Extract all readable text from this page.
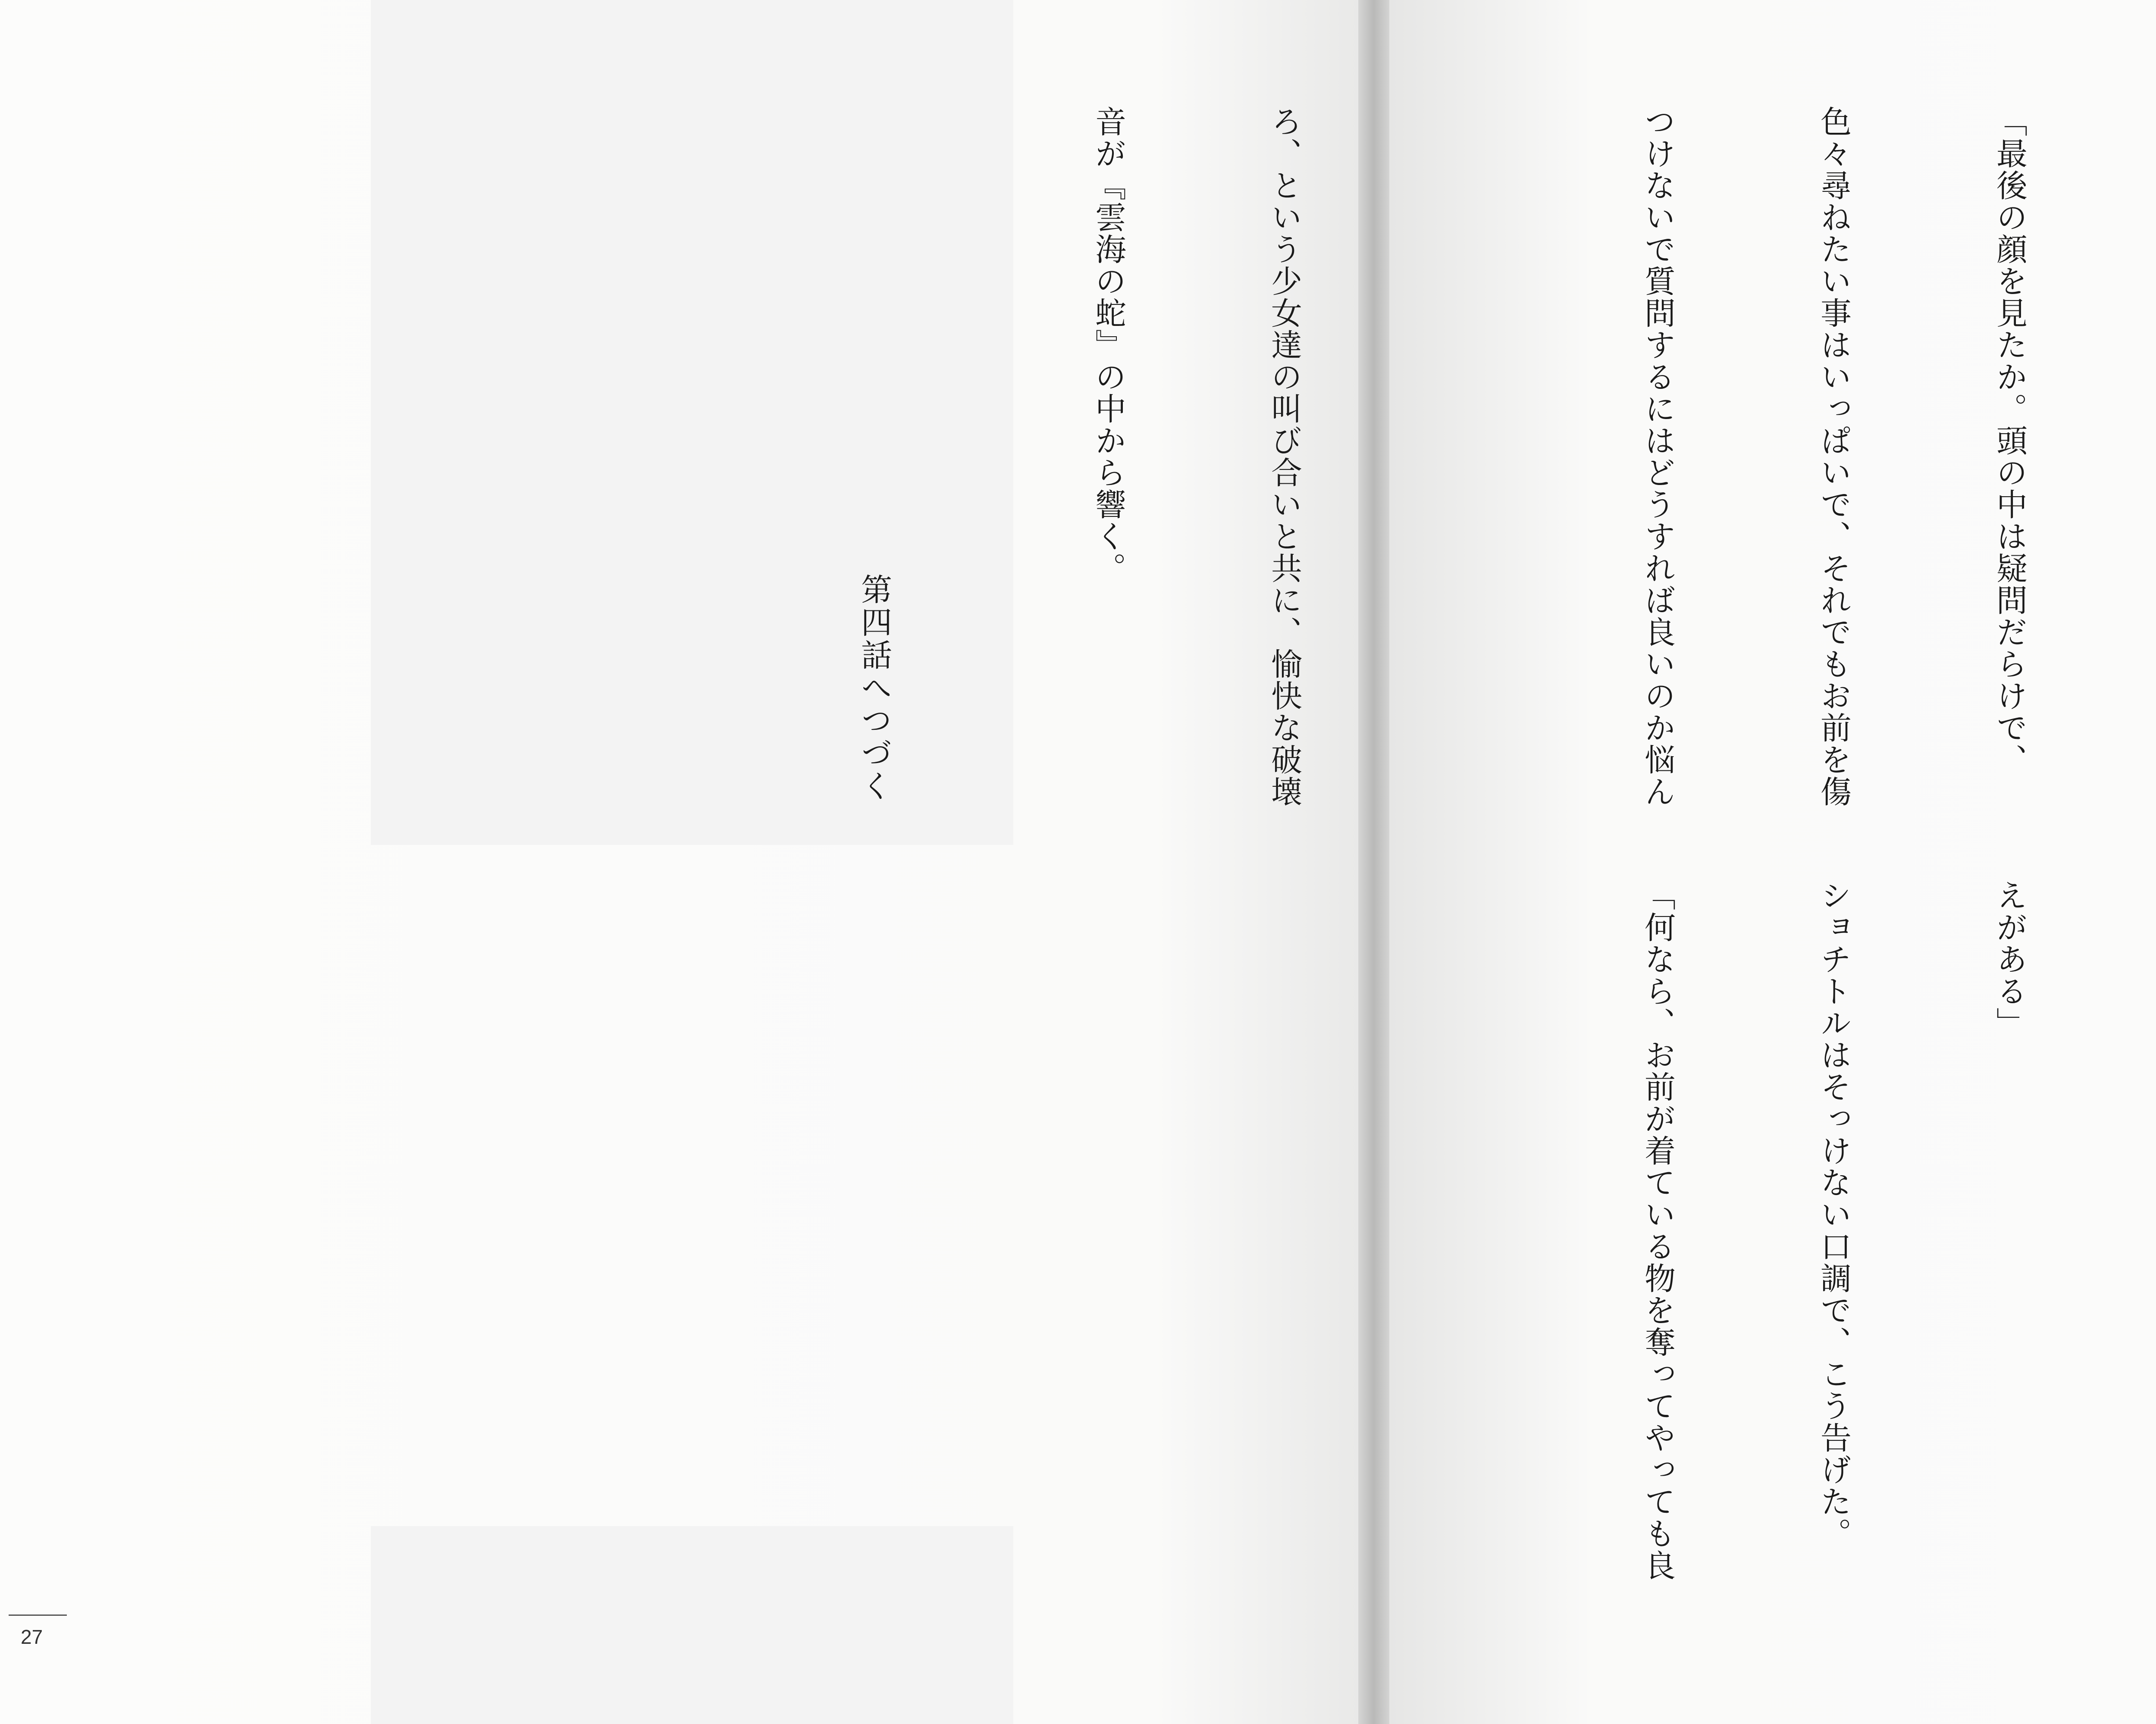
ろ、という少女達の叫び合いと共に、愉快な破壊

音が『雲海の蛇』の中から響く。

第四話へつづく
27

「最後の顔を見たか。頭の中は疑問だらけで、

色々尋ねたい事はいっぱいで、それでもお前を傷

つけないで質問するにはどうすれば良いのか悩ん

えがある」

ショチトルはそっけない口調で、こう告げた。

「何なら、お前が着ている物を奪ってやっても良
